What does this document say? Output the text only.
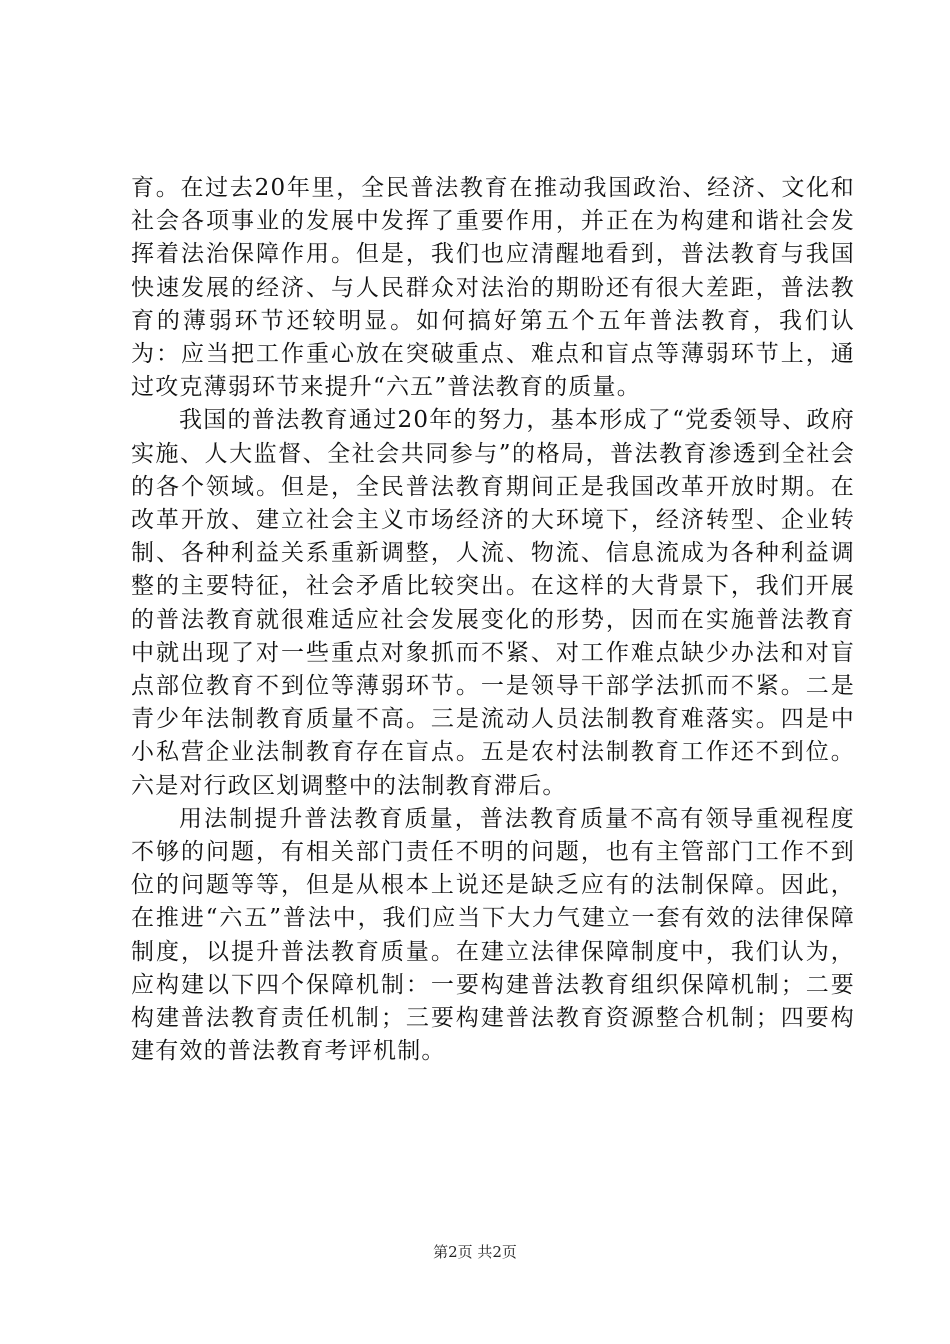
育。在过去20年里，全民普法教育在推动我国政治、经济、文化和社会各项事业的发展中发挥了重要作用，并正在为构建和谐社会发挥着法治保障作用。但是，我们也应清醒地看到，普法教育与我国快速发展的经济、与人民群众对法治的期盼还有很大差距，普法教育的薄弱环节还较明显。如何搞好第五个五年普法教育，我们认为：应当把工作重心放在突破重点、难点和盲点等薄弱环节上，通过攻克薄弱环节来提升“六五”普法教育的质量。

我国的普法教育通过20年的努力，基本形成了“党委领导、政府实施、人大监督、全社会共同参与”的格局，普法教育渗透到全社会的各个领域。但是，全民普法教育期间正是我国改革开放时期。在改革开放、建立社会主义市场经济的大环境下，经济转型、企业转制、各种利益关系重新调整，人流、物流、信息流成为各种利益调整的主要特征，社会矛盾比较突出。在这样的大背景下，我们开展的普法教育就很难适应社会发展变化的形势，因而在实施普法教育中就出现了对一些重点对象抓而不紧、对工作难点缺少办法和对盲点部位教育不到位等薄弱环节。一是领导干部学法抓而不紧。二是青少年法制教育质量不高。三是流动人员法制教育难落实。四是中小私营企业法制教育存在盲点。五是农村法制教育工作还不到位。六是对行政区划调整中的法制教育滞后。

用法制提升普法教育质量，普法教育质量不高有领导重视程度不够的问题，有相关部门责任不明的问题，也有主管部门工作不到位的问题等等，但是从根本上说还是缺乏应有的法制保障。因此，在推进“六五”普法中，我们应当下大力气建立一套有效的法律保障制度，以提升普法教育质量。在建立法律保障制度中，我们认为，应构建以下四个保障机制：一要构建普法教育组织保障机制；二要构建普法教育责任机制；三要构建普法教育资源整合机制；四要构建有效的普法教育考评机制。

第2页 共2页
